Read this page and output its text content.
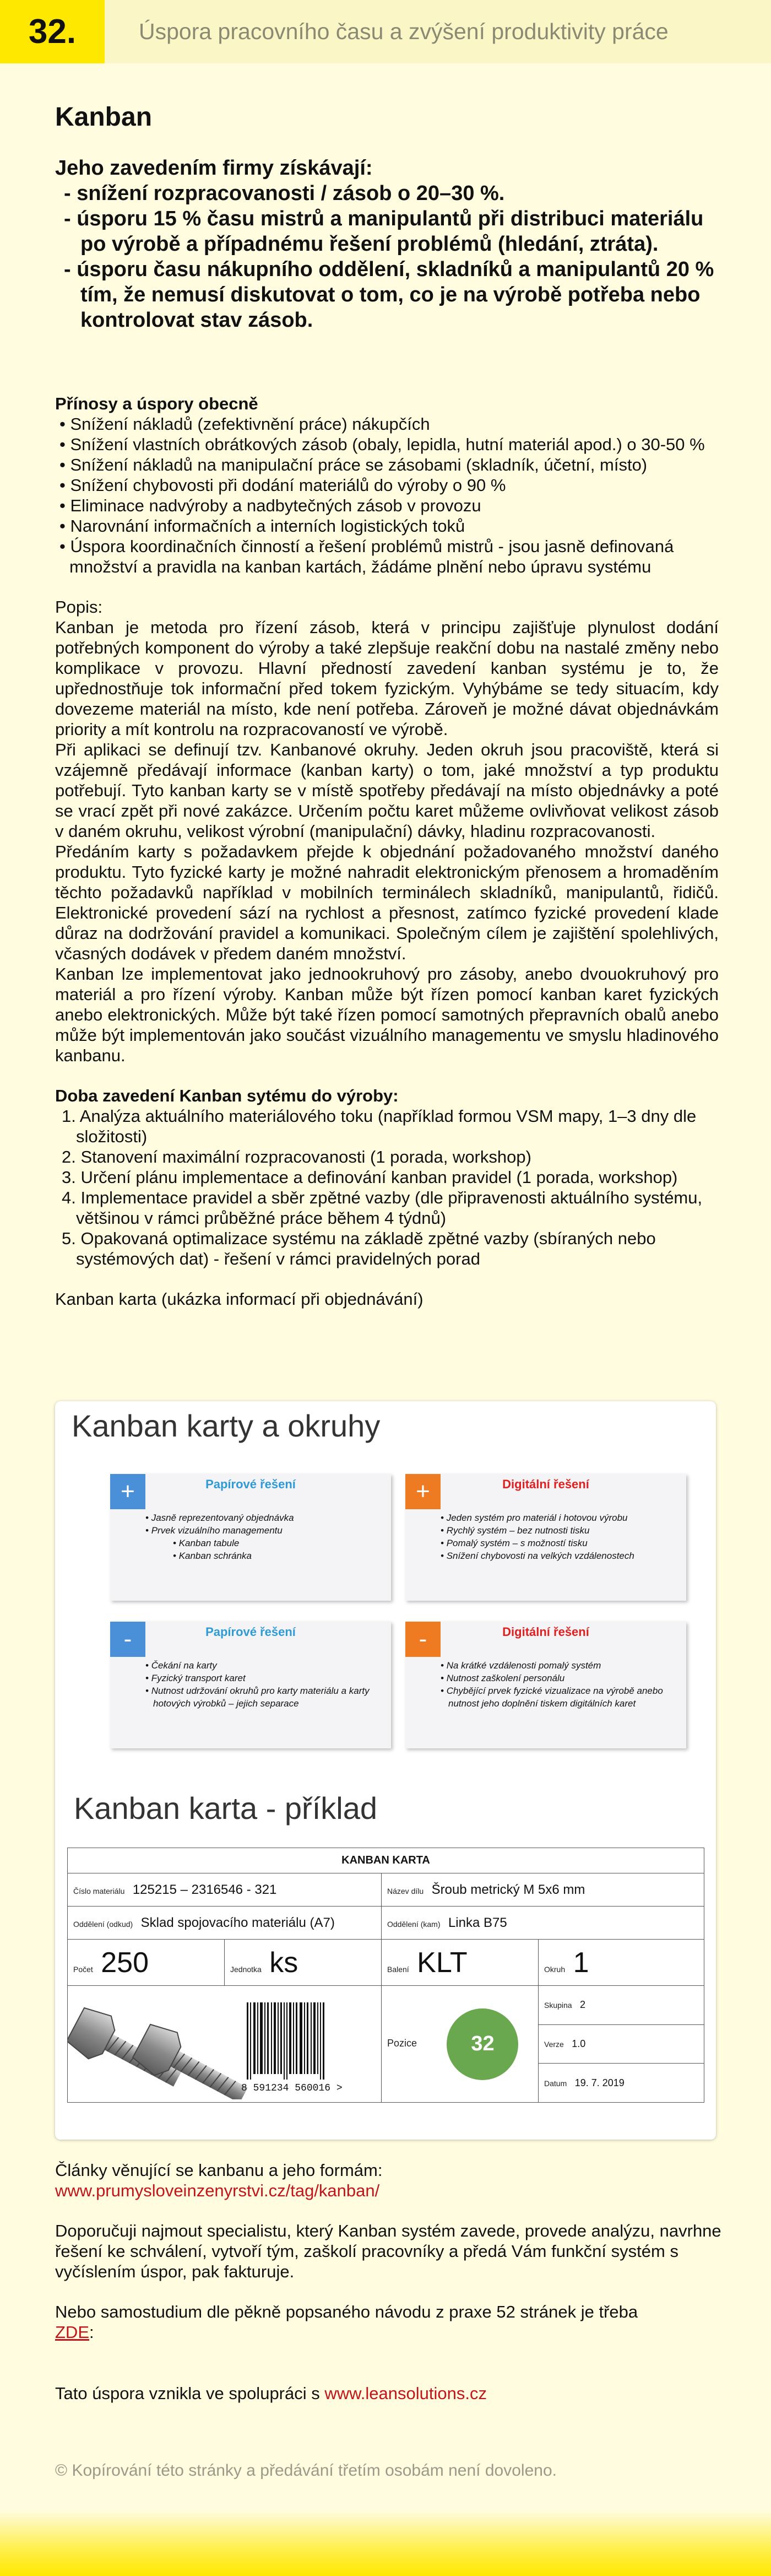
32.	Úspora pracovního času a zvýšení produktivity práce
Kanban
Jeho zavedením firmy získávají:
- snížení rozpracovanosti / zásob o 20–30 %.
- úsporu 15 % času mistrů a manipulantů při distribuci materiálu po výrobě a případnému řešení problémů (hledání, ztráta).
- úsporu času nákupního oddělení, skladníků a manipulantů 20 % tím, že nemusí diskutovat o tom, co je na výrobě potřeba nebo kontrolovat stav zásob.
Přínosy a úspory obecně
• Snížení nákladů (zefektivnění práce) nákupčích
• Snížení vlastních obrátkových zásob (obaly, lepidla, hutní materiál apod.) o 30-50 %
• Snížení nákladů na manipulační práce se zásobami (skladník, účetní, místo)
• Snížení chybovosti při dodání materiálů do výroby o 90 %
• Eliminace nadvýroby a nadbytečných zásob v provozu
• Narovnání informačních a interních logistických toků
• Úspora koordinačních činností a řešení problémů mistrů - jsou jasně definovaná množství a pravidla na kanban kartách, žádáme plnění nebo úpravu systému

Popis:

Kanban je metoda pro řízení zásob, která v principu zajišťuje plynulost dodání potřebných komponent do výroby a také zlepšuje reakční dobu na nastalé změny nebo komplikace v provozu. Hlavní předností zavedení kanban systému je to, že upřednostňuje tok informační před tokem fyzickým. Vyhýbáme se tedy situacím, kdy dovezeme materiál na místo, kde není potřeba. Zároveň je možné dávat objednávkám priority a mít kontrolu na rozpracovaností ve výrobě.

Při aplikaci se definují tzv. Kanbanové okruhy. Jeden okruh jsou pracoviště, která si vzájemně předávají informace (kanban karty) o tom, jaké množství a typ produktu potřebují. Tyto kanban karty se v místě spotřeby předávají na místo objednávky a poté se vrací zpět při nové zakázce. Určením počtu karet můžeme ovlivňovat velikost zásob v daném okruhu, velikost výrobní (manipulační) dávky, hladinu rozpracovanosti.

Předáním karty s požadavkem přejde k objednání požadovaného množství daného produktu. Tyto fyzické karty je možné nahradit elektronickým přenosem a hromaděním těchto požadavků například v mobilních terminálech skladníků, manipulantů, řidičů. Elektronické provedení sází na rychlost a přesnost, zatímco fyzické provedení klade důraz na dodržování pravidel a komunikaci. Společným cílem je zajištění spolehlivých, včasných dodávek v předem daném množství.

Kanban lze implementovat jako jednookruhový pro zásoby, anebo dvouokruhový pro materiál a pro řízení výroby. Kanban může být řízen pomocí kanban karet fyzických anebo elektronických. Může být také řízen pomocí samotných přepravních obalů anebo může být implementován jako součást vizuálního managementu ve smyslu hladinového kanbanu.

Doba zavedení Kanban sytému do výroby:
1. Analýza aktuálního materiálového toku (například formou VSM mapy, 1–3 dny dle složitosti)
2. Stanovení maximální rozpracovanosti (1 porada, workshop)
3. Určení plánu implementace a definování kanban pravidel (1 porada, workshop)
4. Implementace pravidel a sběr zpětné vazby (dle připravenosti aktuálního systému, většinou v rámci průběžné práce během 4 týdnů)
5. Opakovaná optimalizace systému na základě zpětné vazby (sbíraných nebo systémových dat) - řešení v rámci pravidelných porad
Kanban karta (ukázka informací při objednávání)
Kanban karty a okruhy
+	Papírové řešení
• Jasně reprezentovaný objednávka
• Prvek vizuálního managementu
• Kanban tabule
• Kanban schránka
+	Digitální řešení
• Jeden systém pro materiál i hotovou výrobu
• Rychlý systém – bez nutnosti tisku
• Pomalý systém – s možností tisku
• Snížení chybovosti na velkých vzdálenostech
-	Papírové řešení
• Čekání na karty
• Fyzický transport karet
• Nutnost udržování okruhů pro karty materiálu a karty hotových výrobků – jejich separace
-	Digitální řešení
• Na krátké vzdálenosti pomalý systém
• Nutnost zaškolení personálu
• Chybějící prvek fyzické vizualizace na výrobě anebo nutnost jeho doplnění tiskem digitálních karet
Kanban karta - příklad
KANBAN KARTA			
Číslo materiálu 125215 – 2316546 - 321		Název dílu Šroub metrický M 5x6 mm	
Oddělení (odkud) Sklad spojovacího materiálu (A7)		Oddělení (kam) Linka B75	
Počet 250	Jednotka ks	Balení KLT	Okruh 1

8 591234 560016 >		Pozice 32	Skupina 2
			Verze 1.0
			Datum 19. 7. 2019

Články věnující se kanbanu a jeho formám:

www.prumysloveinzenyrstvi.cz/tag/kanban/

Doporučuji najmout specialistu, který Kanban systém zavede, provede analýzu, navrhne řešení ke schválení, vytvoří tým, zaškolí pracovníky a předá Vám funkční systém s vyčíslením úspor, pak fakturuje.

Nebo samostudium dle pěkně popsaného návodu z praxe 52 stránek je třeba

ZDE:

Tato úspora vznikla ve spolupráci s www.leansolutions.cz

© Kopírování této stránky a předávání třetím osobám není dovoleno.
